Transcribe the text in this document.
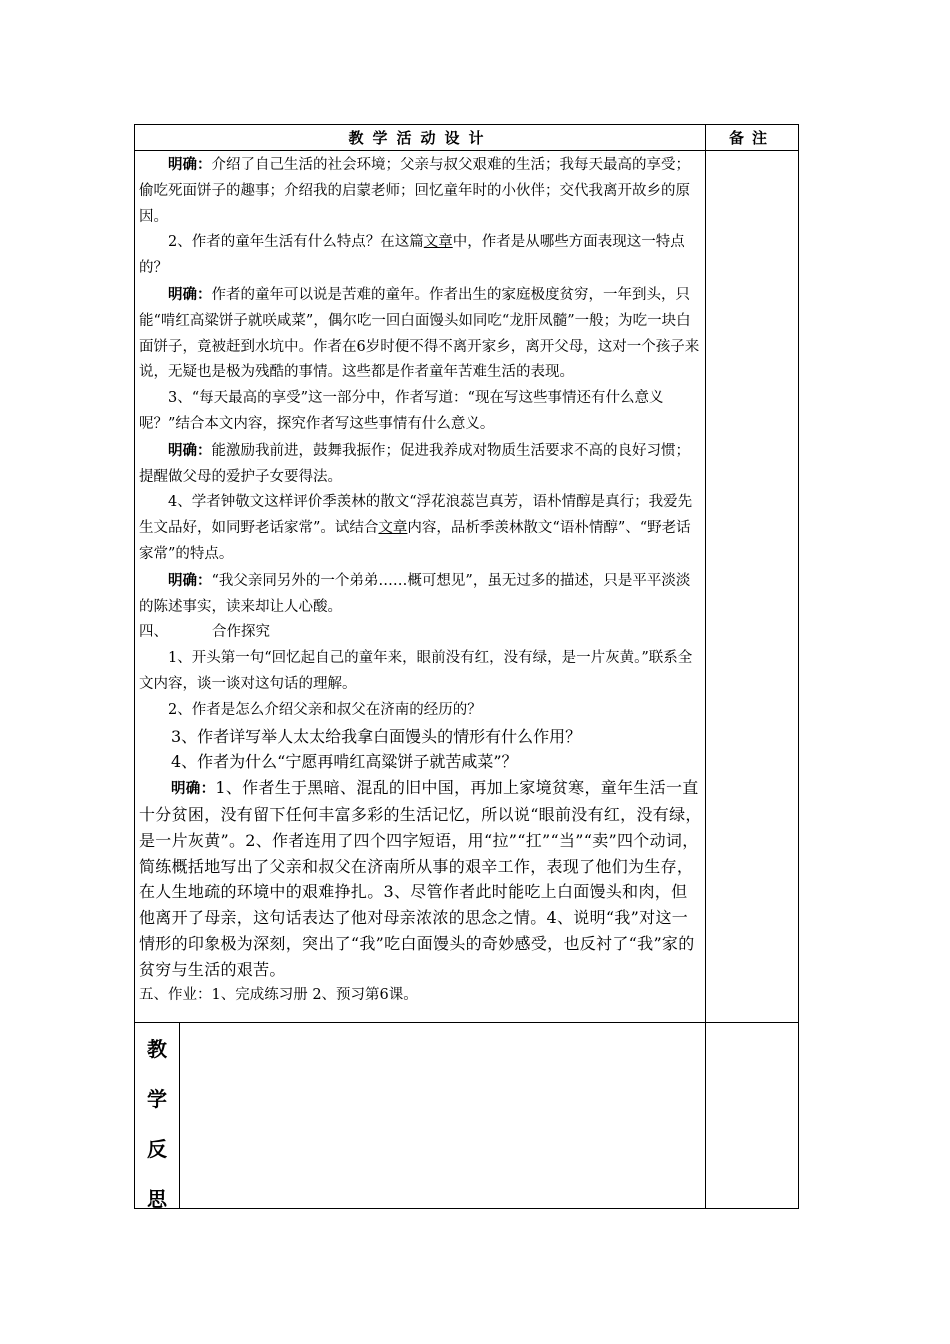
教学活动设计	备注

明确：介绍了自己生活的社会环境；父亲与叔父艰难的生活；我每天最高的享受；偷吃死面饼子的趣事；介绍我的启蒙老师；回忆童年时的小伙伴；交代我离开故乡的原因。

2、作者的童年生活有什么特点？在这篇文章中，作者是从哪些方面表现这一特点的？

明确：作者的童年可以说是苦难的童年。作者出生的家庭极度贫穷，一年到头，只能“啃红高粱饼子就咲咸菜”，偶尔吃一回白面馒头如同吃“龙肝凤髓”一般；为吃一块白面饼子，竟被赶到水坑中。作者在6岁时便不得不离开家乡，离开父母，这对一个孩子来说，无疑也是极为残酷的事情。这些都是作者童年苦难生活的表现。

3、“每天最高的享受”这一部分中，作者写道：“现在写这些事情还有什么意义呢？”结合本文内容，探究作者写这些事情有什么意义。

明确：能激励我前进，鼓舞我振作；促进我养成对物质生活要求不高的良好习惯；提醒做父母的爱护子女要得法。

4、学者钟敬文这样评价季羡林的散文“浮花浪蕊岂真芳，语朴情醇是真行；我爱先生文品好，如同野老话家常”。试结合文章内容，品析季羡林散文“语朴情醇”、“野老话家常”的特点。

明确：“我父亲同另外的一个弟弟……概可想见”，虽无过多的描述，只是平平淡淡的陈述事实，读来却让人心酸。

四、	合作探究

1、开头第一句“回忆起自己的童年来，眼前没有红，没有绿，是一片灰黄。”联系全文内容，谈一谈对这句话的理解。

2、作者是怎么介绍父亲和叔父在济南的经历的？

3、作者详写举人太太给我拿白面馒头的情形有什么作用？

4、作者为什么“宁愿再啃红高粱饼子就苦咸菜”？

明确：1、作者生于黑暗、混乱的旧中国，再加上家境贫寒，童年生活一直十分贫困，没有留下任何丰富多彩的生活记忆，所以说“眼前没有红，没有绿，是一片灰黄”。2、作者连用了四个四字短语，用“拉”“扛”“当”“卖”四个动词，简练概括地写出了父亲和叔父在济南所从事的艰辛工作，表现了他们为生存，在人生地疏的环境中的艰难挣扎。3、尽管作者此时能吃上白面馒头和肉，但他离开了母亲，这句话表达了他对母亲浓浓的思念之情。4、说明“我”对这一情形的印象极为深刻，突出了“我”吃白面馒头的奇妙感受，也反衬了“我”家的贫穷与生活的艰苦。

五、作业：1、完成练习册 2、预习第6课。

教
学
反
思
